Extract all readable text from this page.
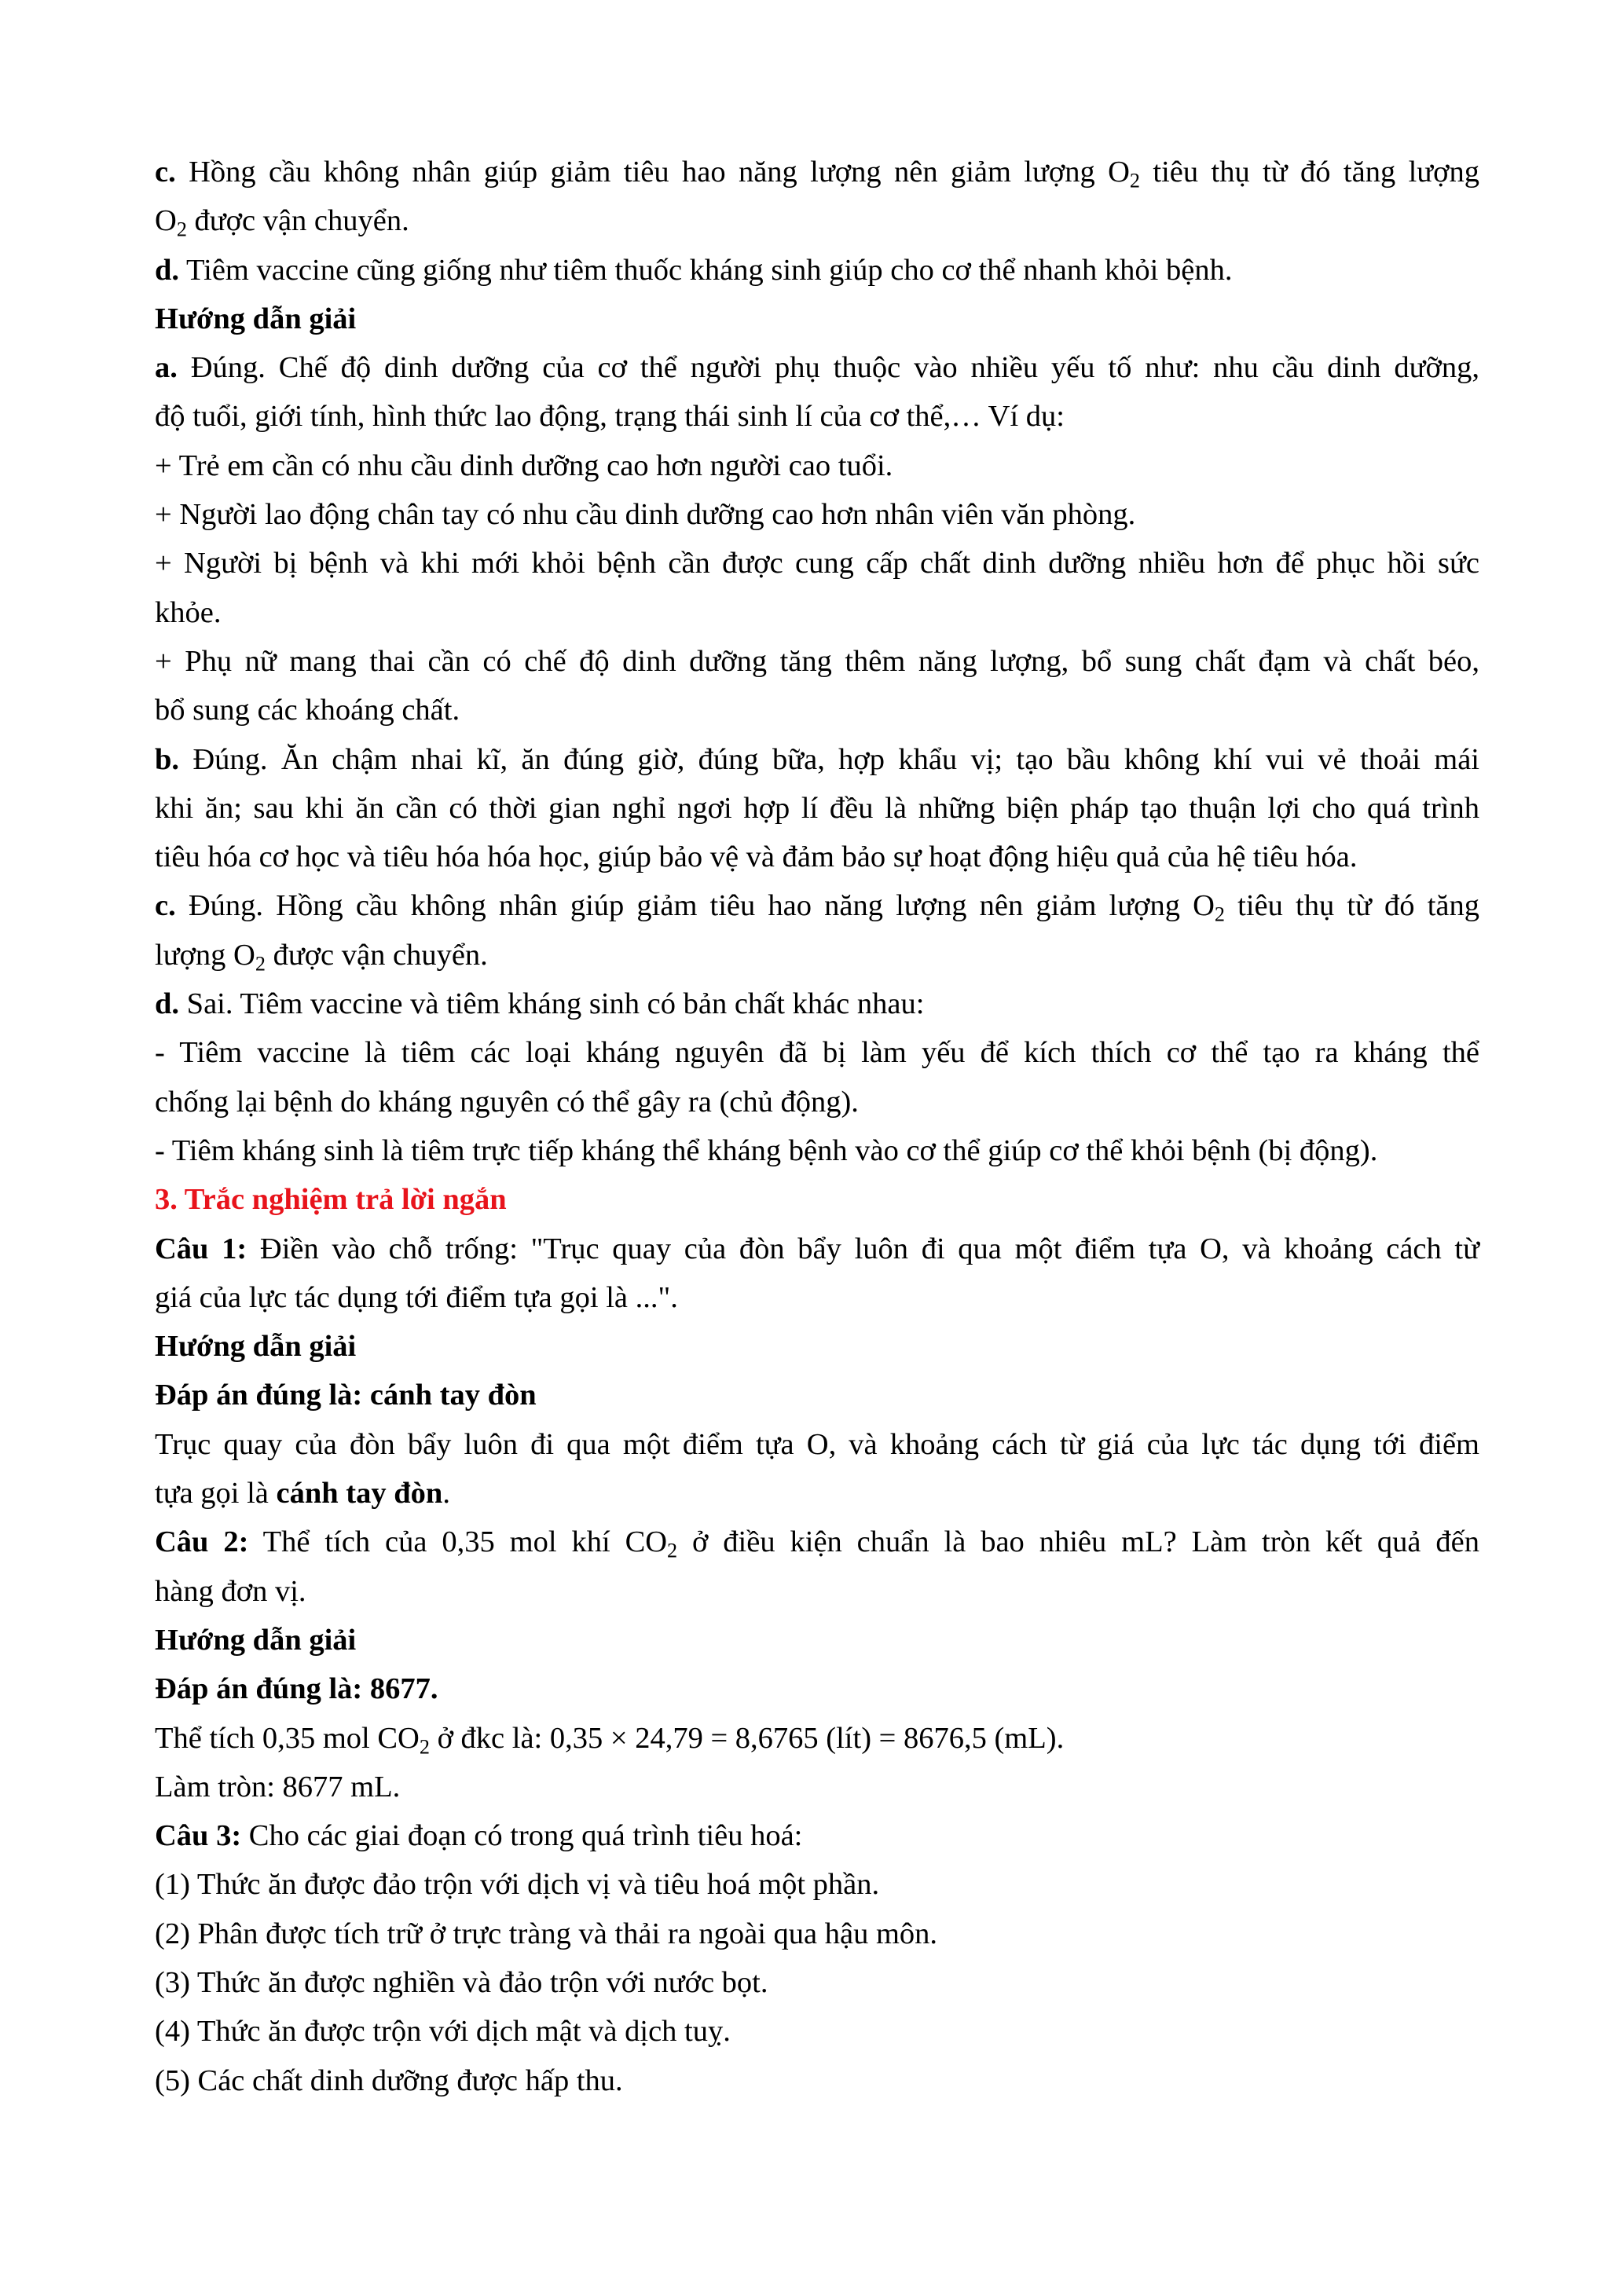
c. Hồng cầu không nhân giúp giảm tiêu hao năng lượng nên giảm lượng $O_2$ tiêu thụ từ đó tăng lượng
$O_2$ được vận chuyển.
d. Tiêm vaccine cũng giống như tiêm thuốc kháng sinh giúp cho cơ thể nhanh khỏi bệnh.
Hướng dẫn giải
a. Đúng. Chế độ dinh dưỡng của cơ thể người phụ thuộc vào nhiều yếu tố như: nhu cầu dinh dưỡng,
độ tuổi, giới tính, hình thức lao động, trạng thái sinh lí của cơ thể,… Ví dụ:
+ Trẻ em cần có nhu cầu dinh dưỡng cao hơn người cao tuổi.
+ Người lao động chân tay có nhu cầu dinh dưỡng cao hơn nhân viên văn phòng.
+ Người bị bệnh và khi mới khỏi bệnh cần được cung cấp chất dinh dưỡng nhiều hơn để phục hồi sức
khỏe.
+ Phụ nữ mang thai cần có chế độ dinh dưỡng tăng thêm năng lượng, bổ sung chất đạm và chất béo,
bổ sung các khoáng chất.
b. Đúng. Ăn chậm nhai kĩ, ăn đúng giờ, đúng bữa, hợp khẩu vị; tạo bầu không khí vui vẻ thoải mái
khi ăn; sau khi ăn cần có thời gian nghỉ ngơi hợp lí đều là những biện pháp tạo thuận lợi cho quá trình
tiêu hóa cơ học và tiêu hóa hóa học, giúp bảo vệ và đảm bảo sự hoạt động hiệu quả của hệ tiêu hóa.
c. Đúng. Hồng cầu không nhân giúp giảm tiêu hao năng lượng nên giảm lượng $O_2$ tiêu thụ từ đó tăng
lượng $O_2$ được vận chuyển.
d. Sai. Tiêm vaccine và tiêm kháng sinh có bản chất khác nhau:
- Tiêm vaccine là tiêm các loại kháng nguyên đã bị làm yếu để kích thích cơ thể tạo ra kháng thể
chống lại bệnh do kháng nguyên có thể gây ra (chủ động).
- Tiêm kháng sinh là tiêm trực tiếp kháng thể kháng bệnh vào cơ thể giúp cơ thể khỏi bệnh (bị động).
3. Trắc nghiệm trả lời ngắn
Câu 1: Điền vào chỗ trống: "Trục quay của đòn bẩy luôn đi qua một điểm tựa O, và khoảng cách từ
giá của lực tác dụng tới điểm tựa gọi là ...".
Hướng dẫn giải
Đáp án đúng là: cánh tay đòn
Trục quay của đòn bẩy luôn đi qua một điểm tựa O, và khoảng cách từ giá của lực tác dụng tới điểm
tựa gọi là cánh tay đòn.
Câu 2: Thể tích của 0,35 mol khí $CO_2$ ở điều kiện chuẩn là bao nhiêu mL? Làm tròn kết quả đến
hàng đơn vị.
Hướng dẫn giải
Đáp án đúng là: 8677.
Thể tích 0,35 mol $CO_2$ ở đkc là: 0,35 × 24,79 = 8,6765 (lít) = 8676,5 (mL).
Làm tròn: 8677 mL.
Câu 3: Cho các giai đoạn có trong quá trình tiêu hoá:
(1) Thức ăn được đảo trộn với dịch vị và tiêu hoá một phần.
(2) Phân được tích trữ ở trực tràng và thải ra ngoài qua hậu môn.
(3) Thức ăn được nghiền và đảo trộn với nước bọt.
(4) Thức ăn được trộn với dịch mật và dịch tuỵ.
(5) Các chất dinh dưỡng được hấp thu.
